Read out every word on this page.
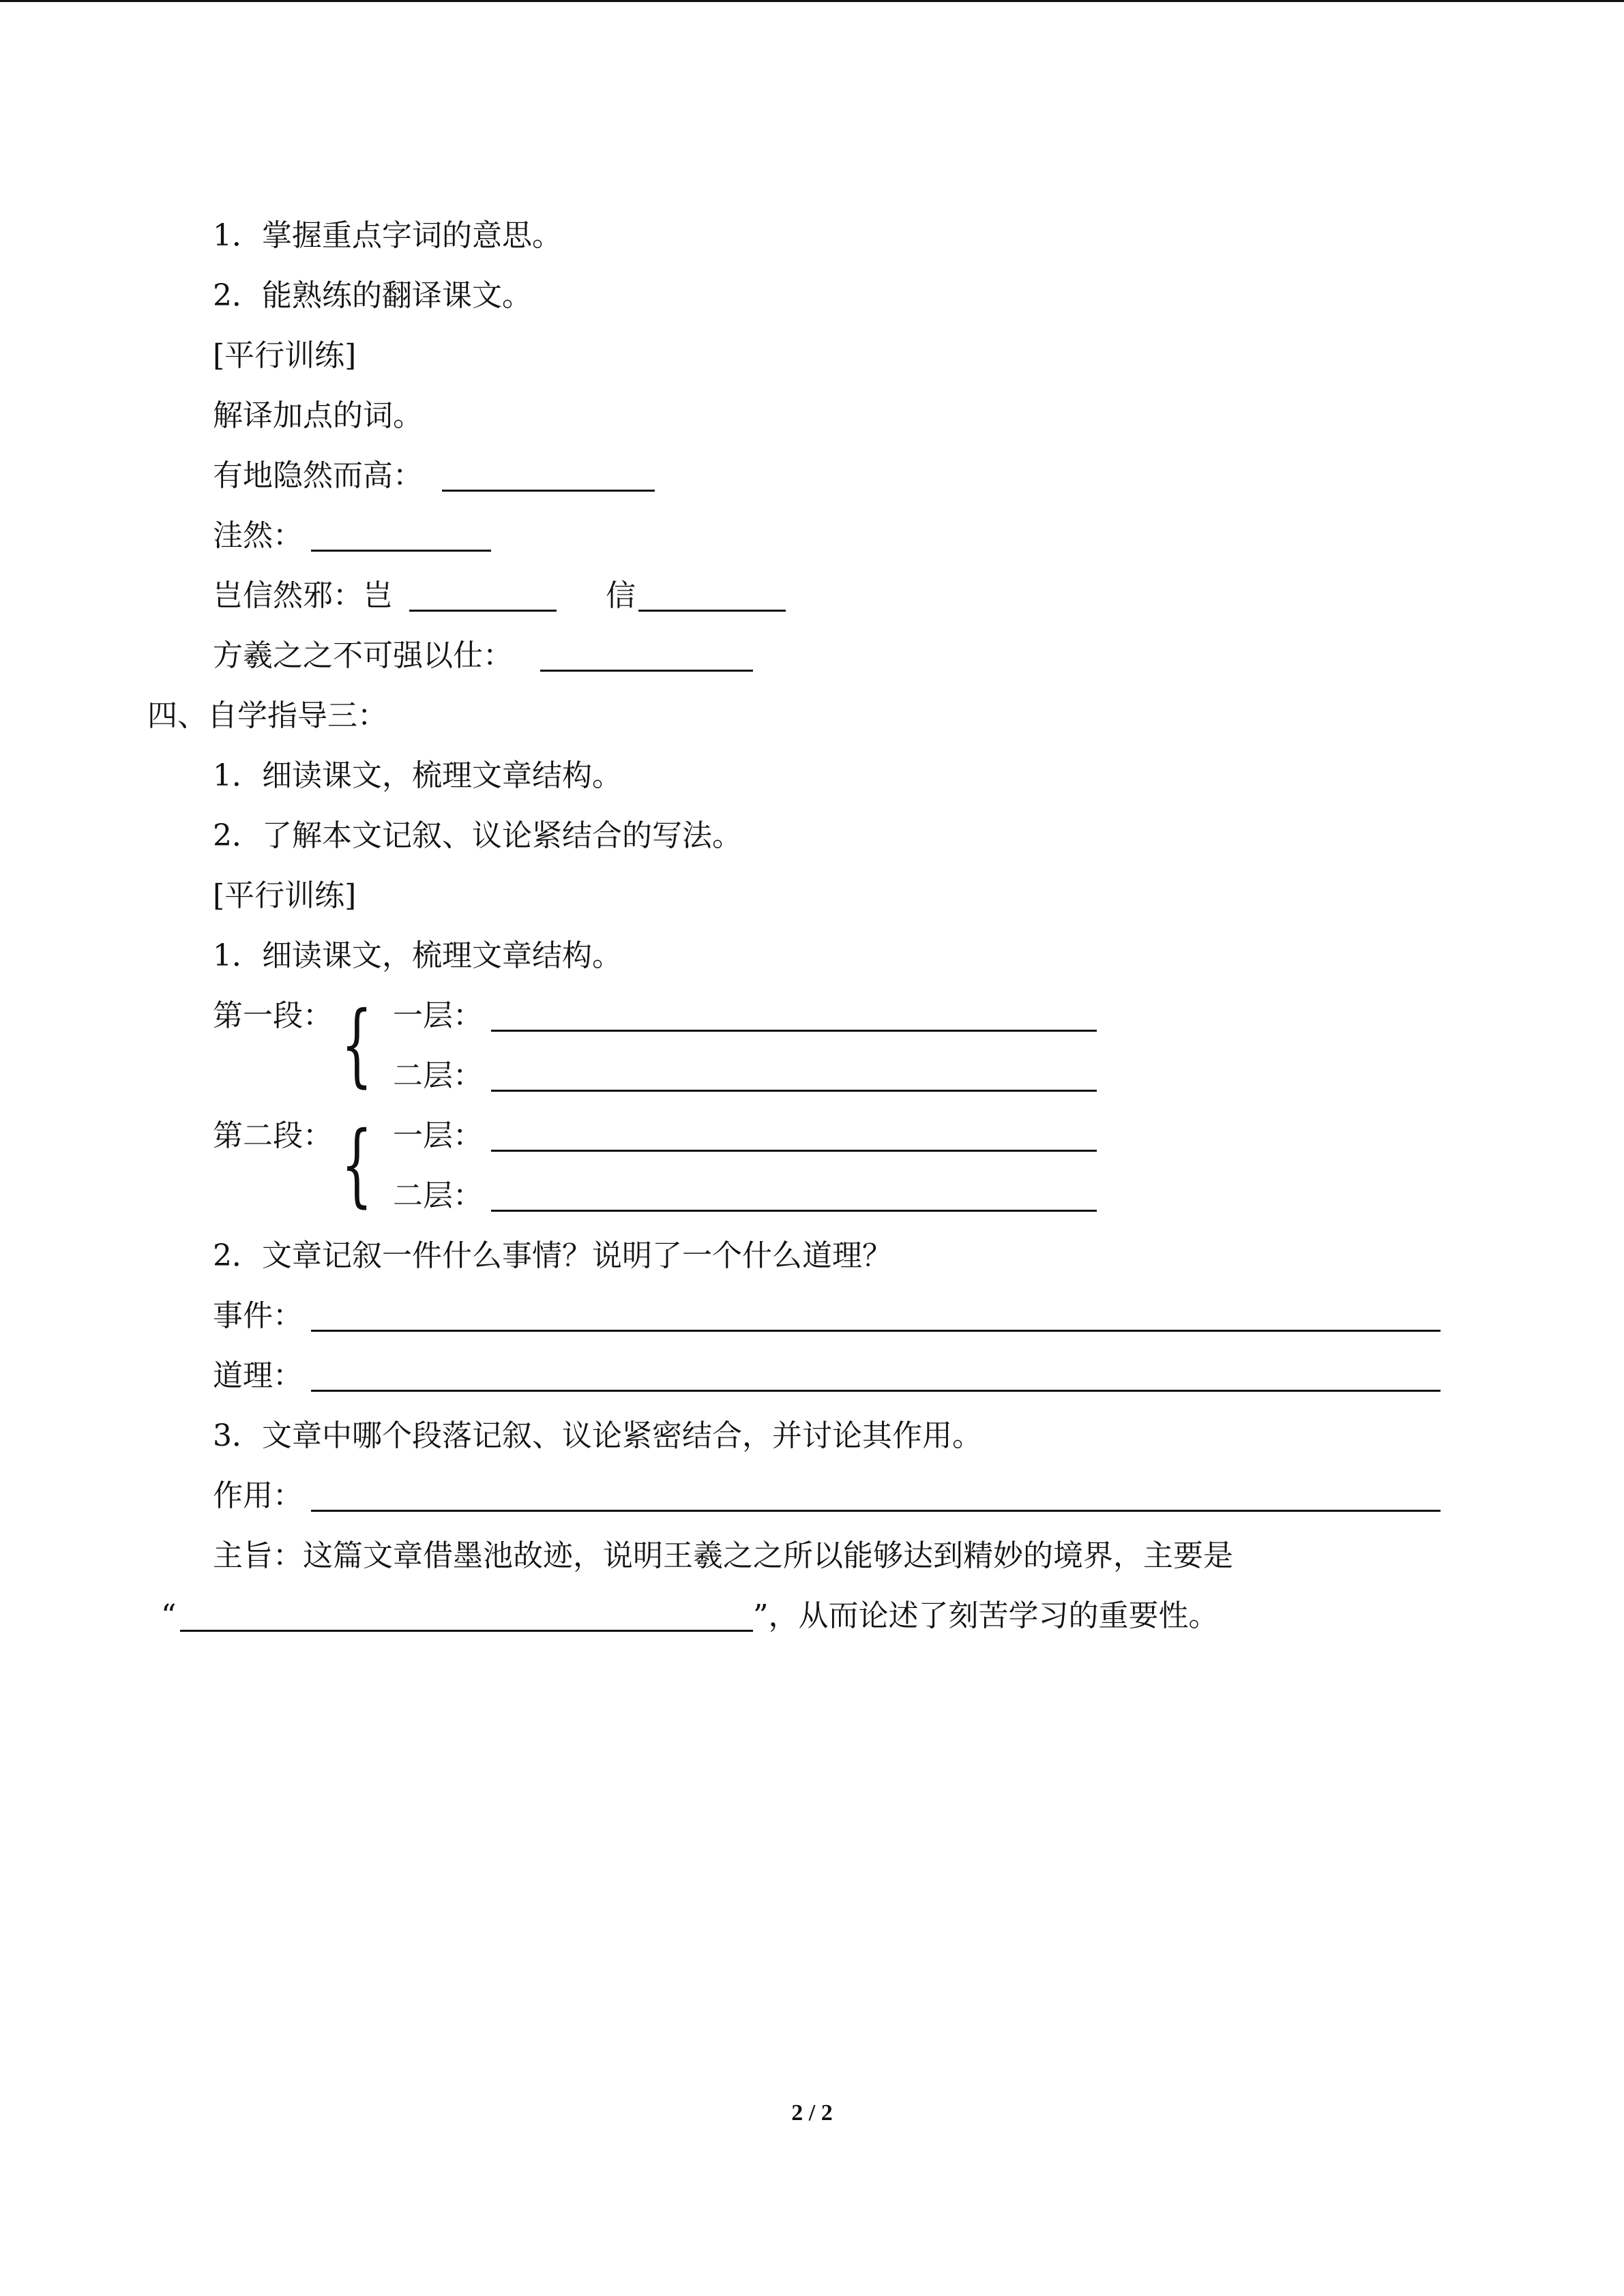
1．掌握重点字词的意思。
2．能熟练的翻译课文。
[平行训练]
解译加点的词。
有地隐然而高：
洼然：
岂信然邪：岂	信
方羲之之不可强以仕：
四、自学指导三：
1．细读课文，梳理文章结构。
2．了解本文记叙、议论紧结合的写法。
[平行训练]
1．细读课文，梳理文章结构。
第一段： { 一层：
二层：
第二段： { 一层：
二层：
2．文章记叙一件什么事情？说明了一个什么道理？
事件：
道理：
3．文章中哪个段落记叙、议论紧密结合，并讨论其作用。
作用：
主旨：这篇文章借墨池故迹，说明王羲之之所以能够达到精妙的境界，主要是
“	”，从而论述了刻苦学习的重要性。
2 / 2
